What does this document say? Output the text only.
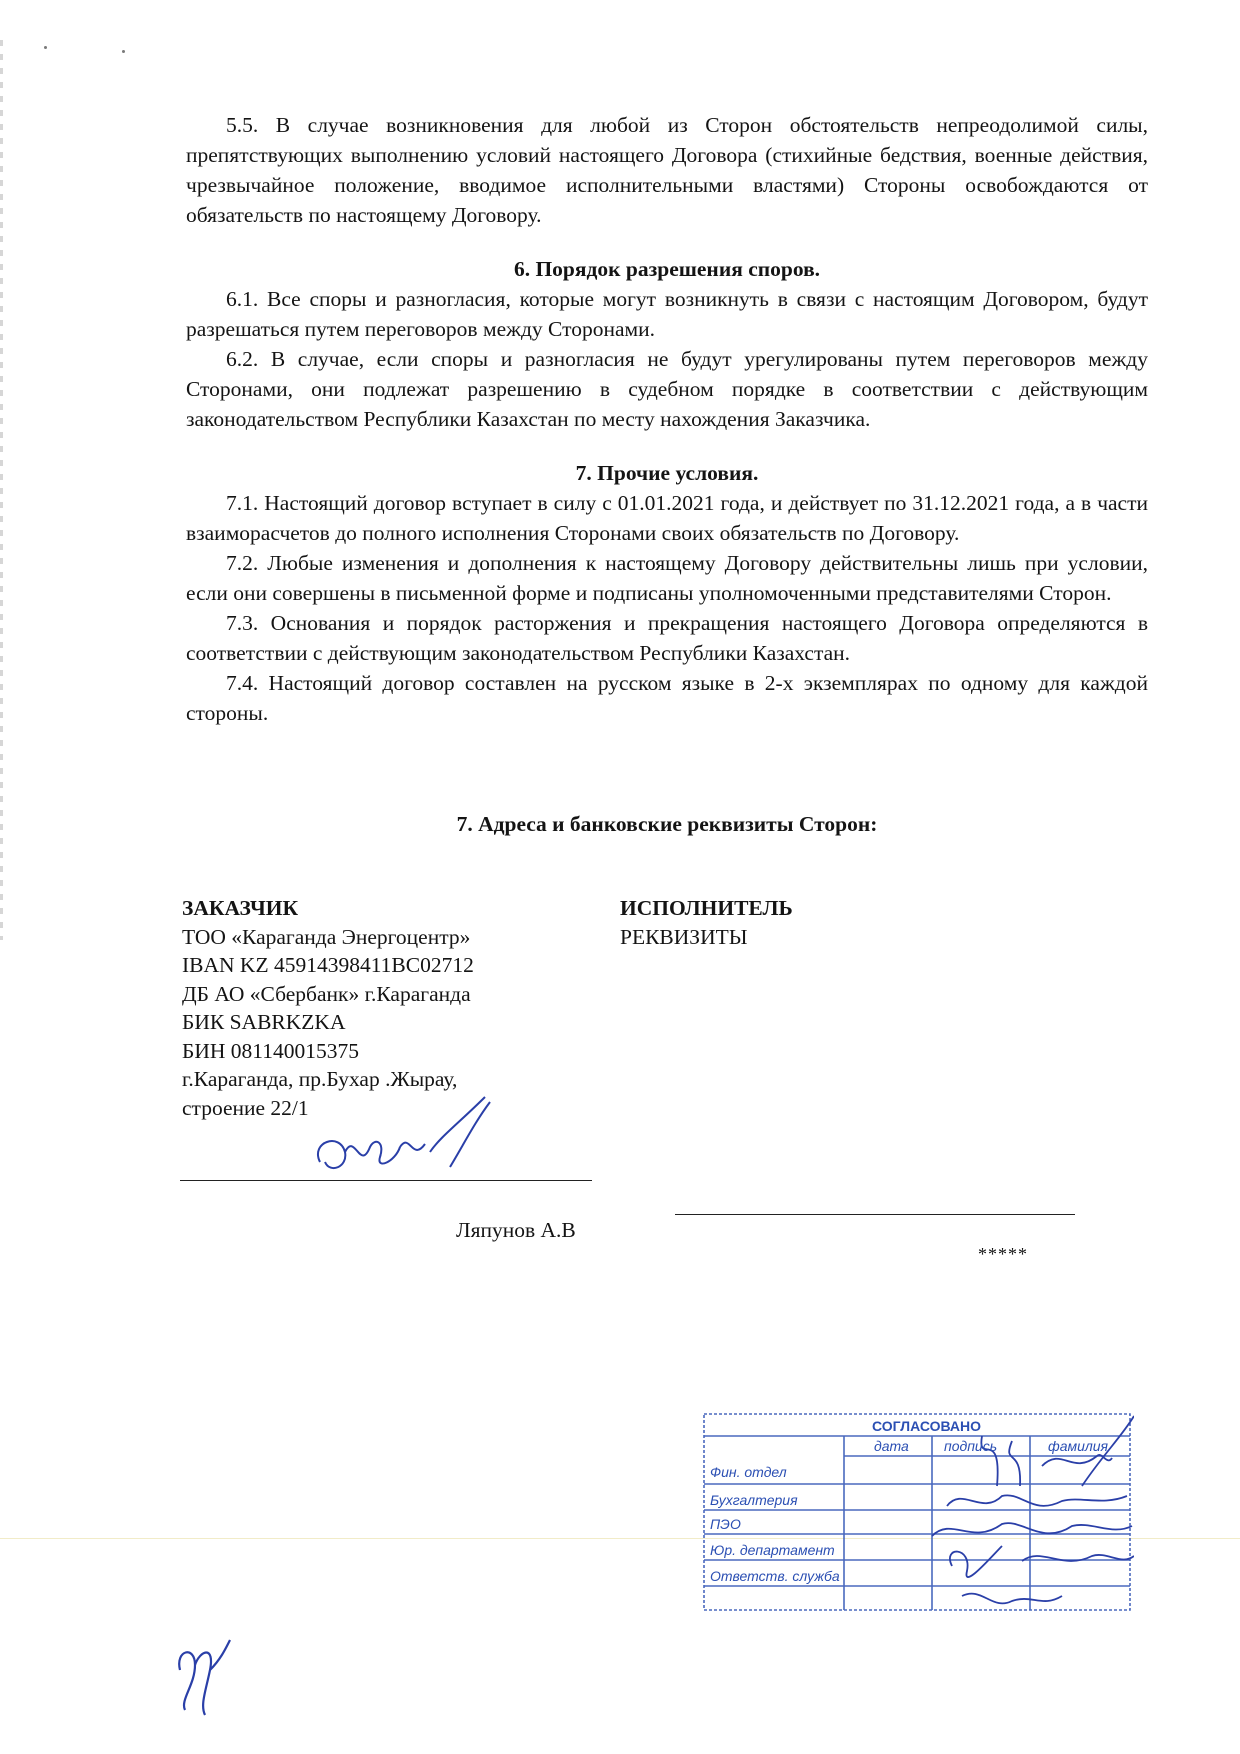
5.5. В случае возникновения для любой из Сторон обстоятельств непреодолимой силы, препятствующих выполнению условий настоящего Договора (стихийные бедствия, военные действия, чрезвычайное положение, вводимое исполнительными властями) Стороны освобождаются от обязательств по настоящему Договору.

6. Порядок разрешения споров.

6.1. Все споры и разногласия, которые могут возникнуть в связи с настоящим Договором, будут разрешаться путем переговоров между Сторонами.

6.2. В случае, если споры и разногласия не будут урегулированы путем переговоров между Сторонами, они подлежат разрешению в судебном порядке в соответствии с действующим законодательством Республики Казахстан по месту нахождения Заказчика.

7. Прочие условия.

7.1. Настоящий договор вступает в силу с 01.01.2021 года, и действует по 31.12.2021 года, а в части взаиморасчетов до полного исполнения Сторонами своих обязательств по Договору.

7.2. Любые изменения и дополнения к настоящему Договору действительны лишь при условии, если они совершены в письменной форме и подписаны уполномоченными представителями Сторон.

7.3. Основания и порядок расторжения и прекращения настоящего Договора определяются в соответствии с действующим законодательством Республики Казахстан.

7.4. Настоящий договор составлен на русском языке в 2-х экземплярах по одному для каждой стороны.

7. Адреса и банковские реквизиты Сторон:

ЗАКАЗЧИК

ТОО «Караганда Энергоцентр»

IBAN KZ 45914398411BC02712

ДБ АО «Сбербанк» г.Караганда

БИК SABRKZKA

БИН 081140015375

г.Караганда, пр.Бухар .Жырау,

строение 22/1

ИСПОЛНИТЕЛЬ

РЕКВИЗИТЫ

Ляпунов А.В
*****
СОГЛАСОВАНО
дата	подпись	фамилия
Фин. отдел
Бухгалтерия
ПЭО
Юр. департамент
Ответств. служба
